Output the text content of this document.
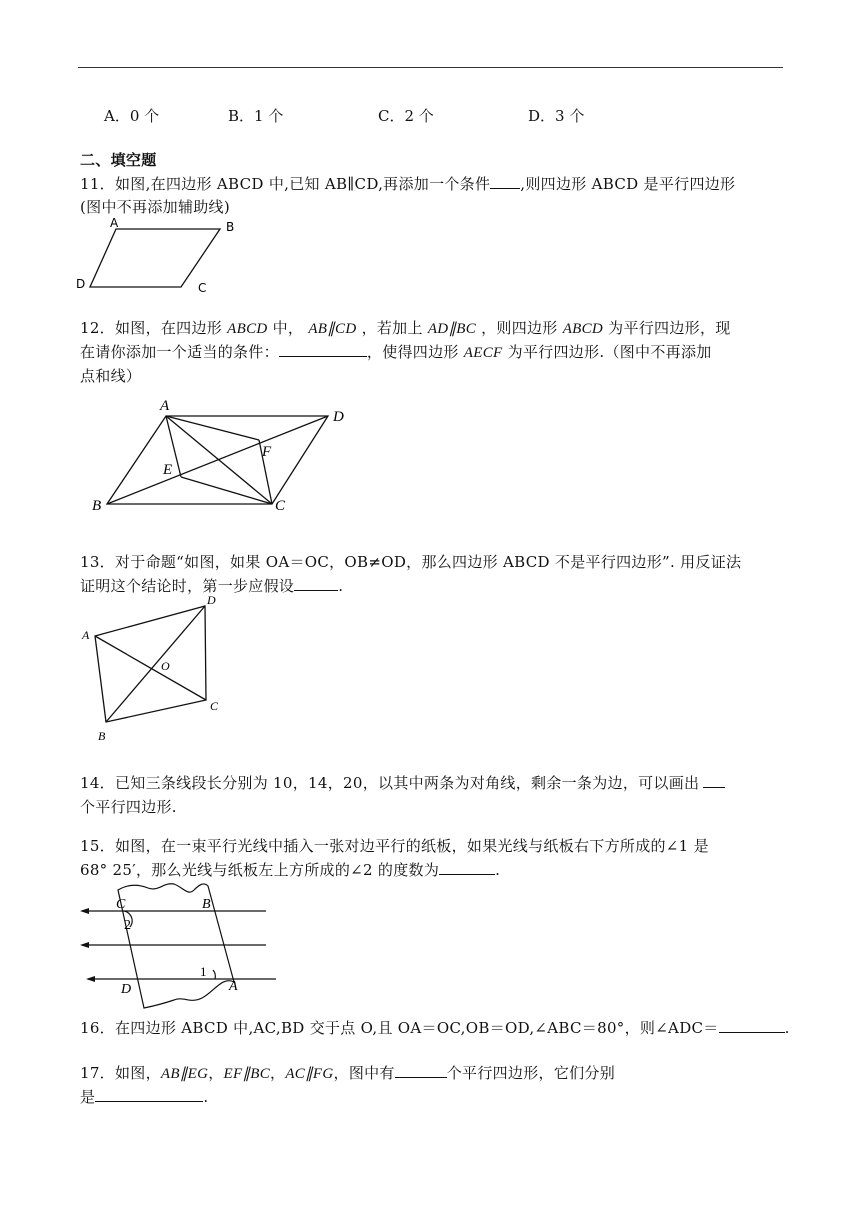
A．0 个	B．1 个	C．2 个	D．3 个
二、填空题
11．如图,在四边形 ABCD 中,已知 AB∥CD,再添加一个条件 ,则四边形 ABCD 是平行四边形
(图中不再添加辅助线)
A	B
C
D
12．如图，在四边形 ABCD 中， AB∥CD ，若加上 AD∥BC ，则四边形 ABCD 为平行四边形，现
在请你添加一个适当的条件：	，使得四边形 AECF 为平行四边形.（图中不再添加
点和线）
A
D
B	C
E
F
13．对于命题“如图，如果 OA＝OC，OB≠OD，那么四边形 ABCD 不是平行四边形”. 用反证法
证明这个结论时，第一步应假设	.
A
D
C
B
O
14．已知三条线段长分别为 10，14，20，以其中两条为对角线，剩余一条为边，可以画出
个平行四边形.
15．如图，在一束平行光线中插入一张对边平行的纸板，如果光线与纸板右下方所成的∠1 是
68° 25′，那么光线与纸板左上方所成的∠2 的度数为	.
C	B
D	A
2
1
16．在四边形 ABCD 中,AC,BD 交于点 O,且 OA＝OC,OB＝OD,∠ABC＝80°，则∠ADC＝	.
17．如图，AB∥EG，EF∥BC，AC∥FG，图中有	个平行四边形，它们分别
是	.
